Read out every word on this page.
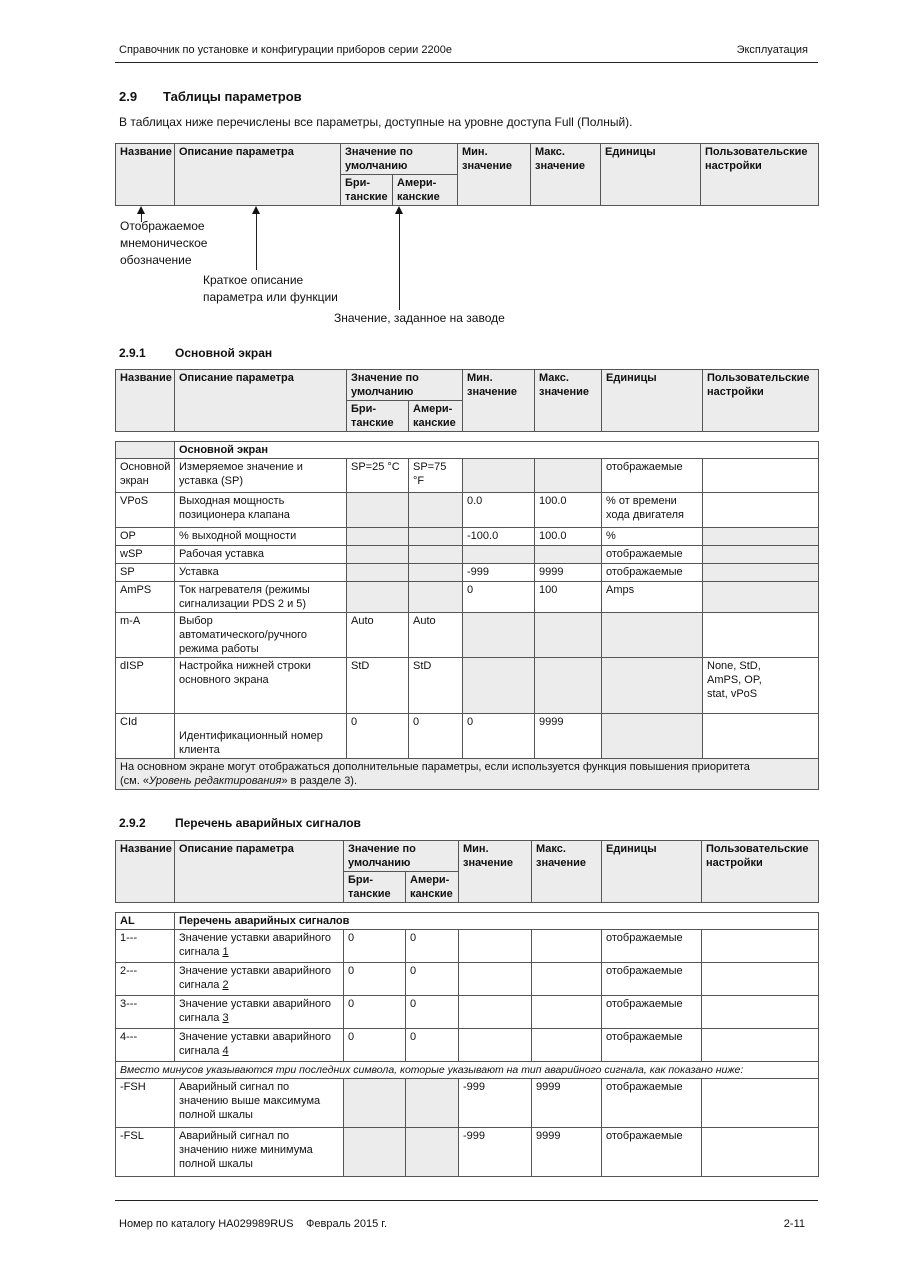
Справочник по установке и конфигурации приборов серии 2200е	Эксплуатация
2.9 Таблицы параметров
В таблицах ниже перечислены все параметры, доступные на уровне доступа Full (Полный).
Название	Описание параметра	Значение по умолчанию		Мин.
значение	Макс.
значение	Единицы	Пользовательские
настройки
		Бри-
танские	Амери-
канские				
Отображаемое
мнемоническое
обозначение
Краткое описание
параметра или функции
Значение, заданное на заводе
2.9.1 Основной экран
Название	Описание параметра	Значение по умолчанию		Мин.
значение	Макс.
значение	Единицы	Пользовательские
настройки
		Бри-
танские	Амери-
канские				
	Основной экран						
Основной
экран	Измеряемое значение и
уставка (SP)	SP=25 °C	SP=75 °F			отображаемые	
VPoS	Выходная мощность
позиционера клапана			0.0	100.0	% от времени
хода двигателя	
OP	% выходной мощности			-100.0	100.0	%	
wSP	Рабочая уставка					отображаемые	
SP	Уставка			-999	9999	отображаемые	
AmPS	Ток нагревателя (режимы
сигнализации PDS 2 и 5)			0	100	Amps	
m-A	Выбор
автоматического/ручного
режима работы	Auto	Auto				
dISP	Настройка нижней строки
основного экрана	StD	StD				None, StD,
AmPS, OP,
stat, vPoS
CId	
Идентификационный номер
клиента	0	0	0	9999		
На основном экране могут отображаться дополнительные параметры, если используется функция повышения приоритета
(см. «Уровень редактирования» в разделе 3).							
2.9.2 Перечень аварийных сигналов
Название	Описание параметра	Значение по умолчанию		Мин.
значение	Макс.
значение	Единицы	Пользовательские
настройки
		Бри-
танские	Амери-
канские				
AL	Перечень аварийных сигналов						
1---	Значение уставки аварийного
сигнала 1	0	0			отображаемые	
2---	Значение уставки аварийного
сигнала 2	0	0			отображаемые	
3---	Значение уставки аварийного
сигнала 3	0	0			отображаемые	
4---	Значение уставки аварийного
сигнала 4	0	0			отображаемые	
Вместо минусов указываются три последних символа, которые указывают на тип аварийного сигнала, как показано ниже:							
-FSH	Аварийный сигнал по
значению выше максимума
полной шкалы			-999	9999	отображаемые	
-FSL	Аварийный сигнал по
значению ниже минимума
полной шкалы			-999	9999	отображаемые	
Номер по каталогу HA029989RUS Февраль 2015 г.	2-11
